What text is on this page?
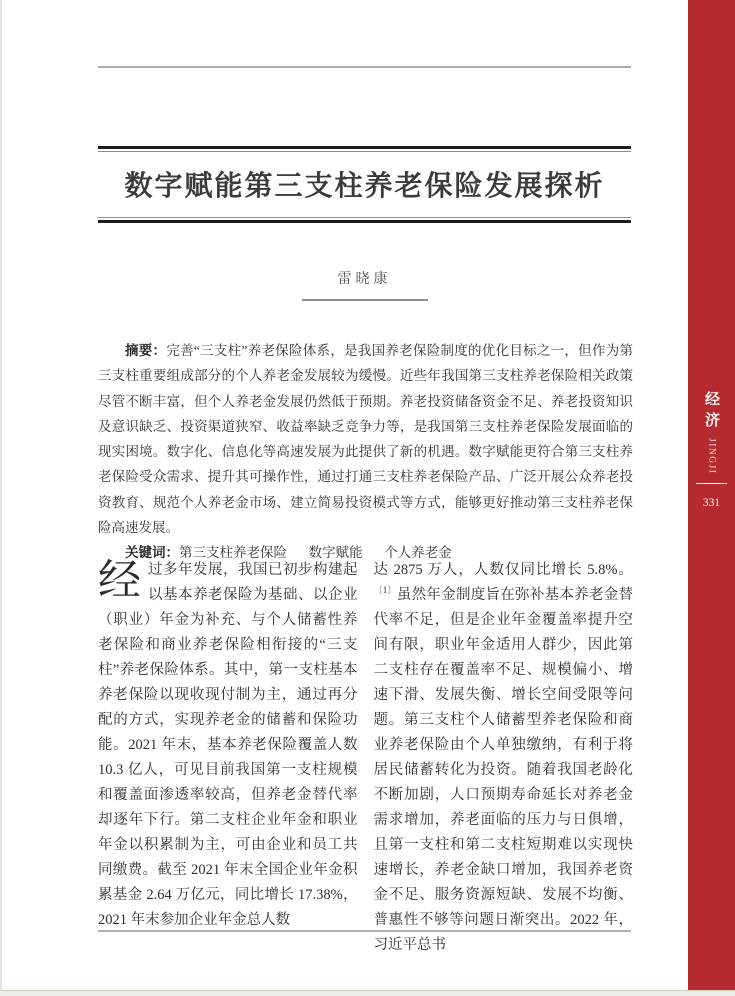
数字赋能第三支柱养老保险发展探析
雷晓康

摘要：完善“三支柱”养老保险体系，是我国养老保险制度的优化目标之一，但作为第三支柱重要组成部分的个人养老金发展较为缓慢。近些年我国第三支柱养老保险相关政策尽管不断丰富，但个人养老金发展仍然低于预期。养老投资储备资金不足、养老投资知识及意识缺乏、投资渠道狭窄、收益率缺乏竞争力等，是我国第三支柱养老保险发展面临的现实困境。数字化、信息化等高速发展为此提供了新的机遇。数字赋能更符合第三支柱养老保险受众需求、提升其可操作性，通过打通三支柱养老保险产品、广泛开展公众养老投资教育、规范个人养老金市场、建立简易投资模式等方式，能够更好推动第三支柱养老保险高速发展。

关键词：第三支柱养老保险 数字赋能 个人养老金

经过多年发展，我国已初步构建起以基本养老保险为基础、以企业（职业）年金为补充、与个人储蓄性养老保险和商业养老保险相衔接的“三支柱”养老保险体系。其中，第一支柱基本养老保险以现收现付制为主，通过再分配的方式，实现养老金的储蓄和保险功能。2021 年末，基本养老保险覆盖人数 10.3 亿人，可见目前我国第一支柱规模和覆盖面渗透率较高，但养老金替代率却逐年下行。第二支柱企业年金和职业年金以积累制为主，可由企业和员工共同缴费。截至 2021 年末全国企业年金积累基金 2.64 万亿元，同比增长 17.38%，2021 年末参加企业年金总人数
达 2875 万人，人数仅同比增长 5.8%。$^{〔1〕}$虽然年金制度旨在弥补基本养老金替代率不足，但是企业年金覆盖率提升空间有限，职业年金适用人群少，因此第二支柱存在覆盖率不足、规模偏小、增速下滑、发展失衡、增长空间受限等问题。第三支柱个人储蓄型养老保险和商业养老保险由个人单独缴纳，有利于将居民储蓄转化为投资。随着我国老龄化不断加剧，人口预期寿命延长对养老金需求增加，养老面临的压力与日俱增，且第一支柱和第二支柱短期难以实现快速增长，养老金缺口增加，我国养老资金不足、服务资源短缺、发展不均衡、普惠性不够等问题日渐突出。2022 年，习近平总书
经济
JINGJI
331
